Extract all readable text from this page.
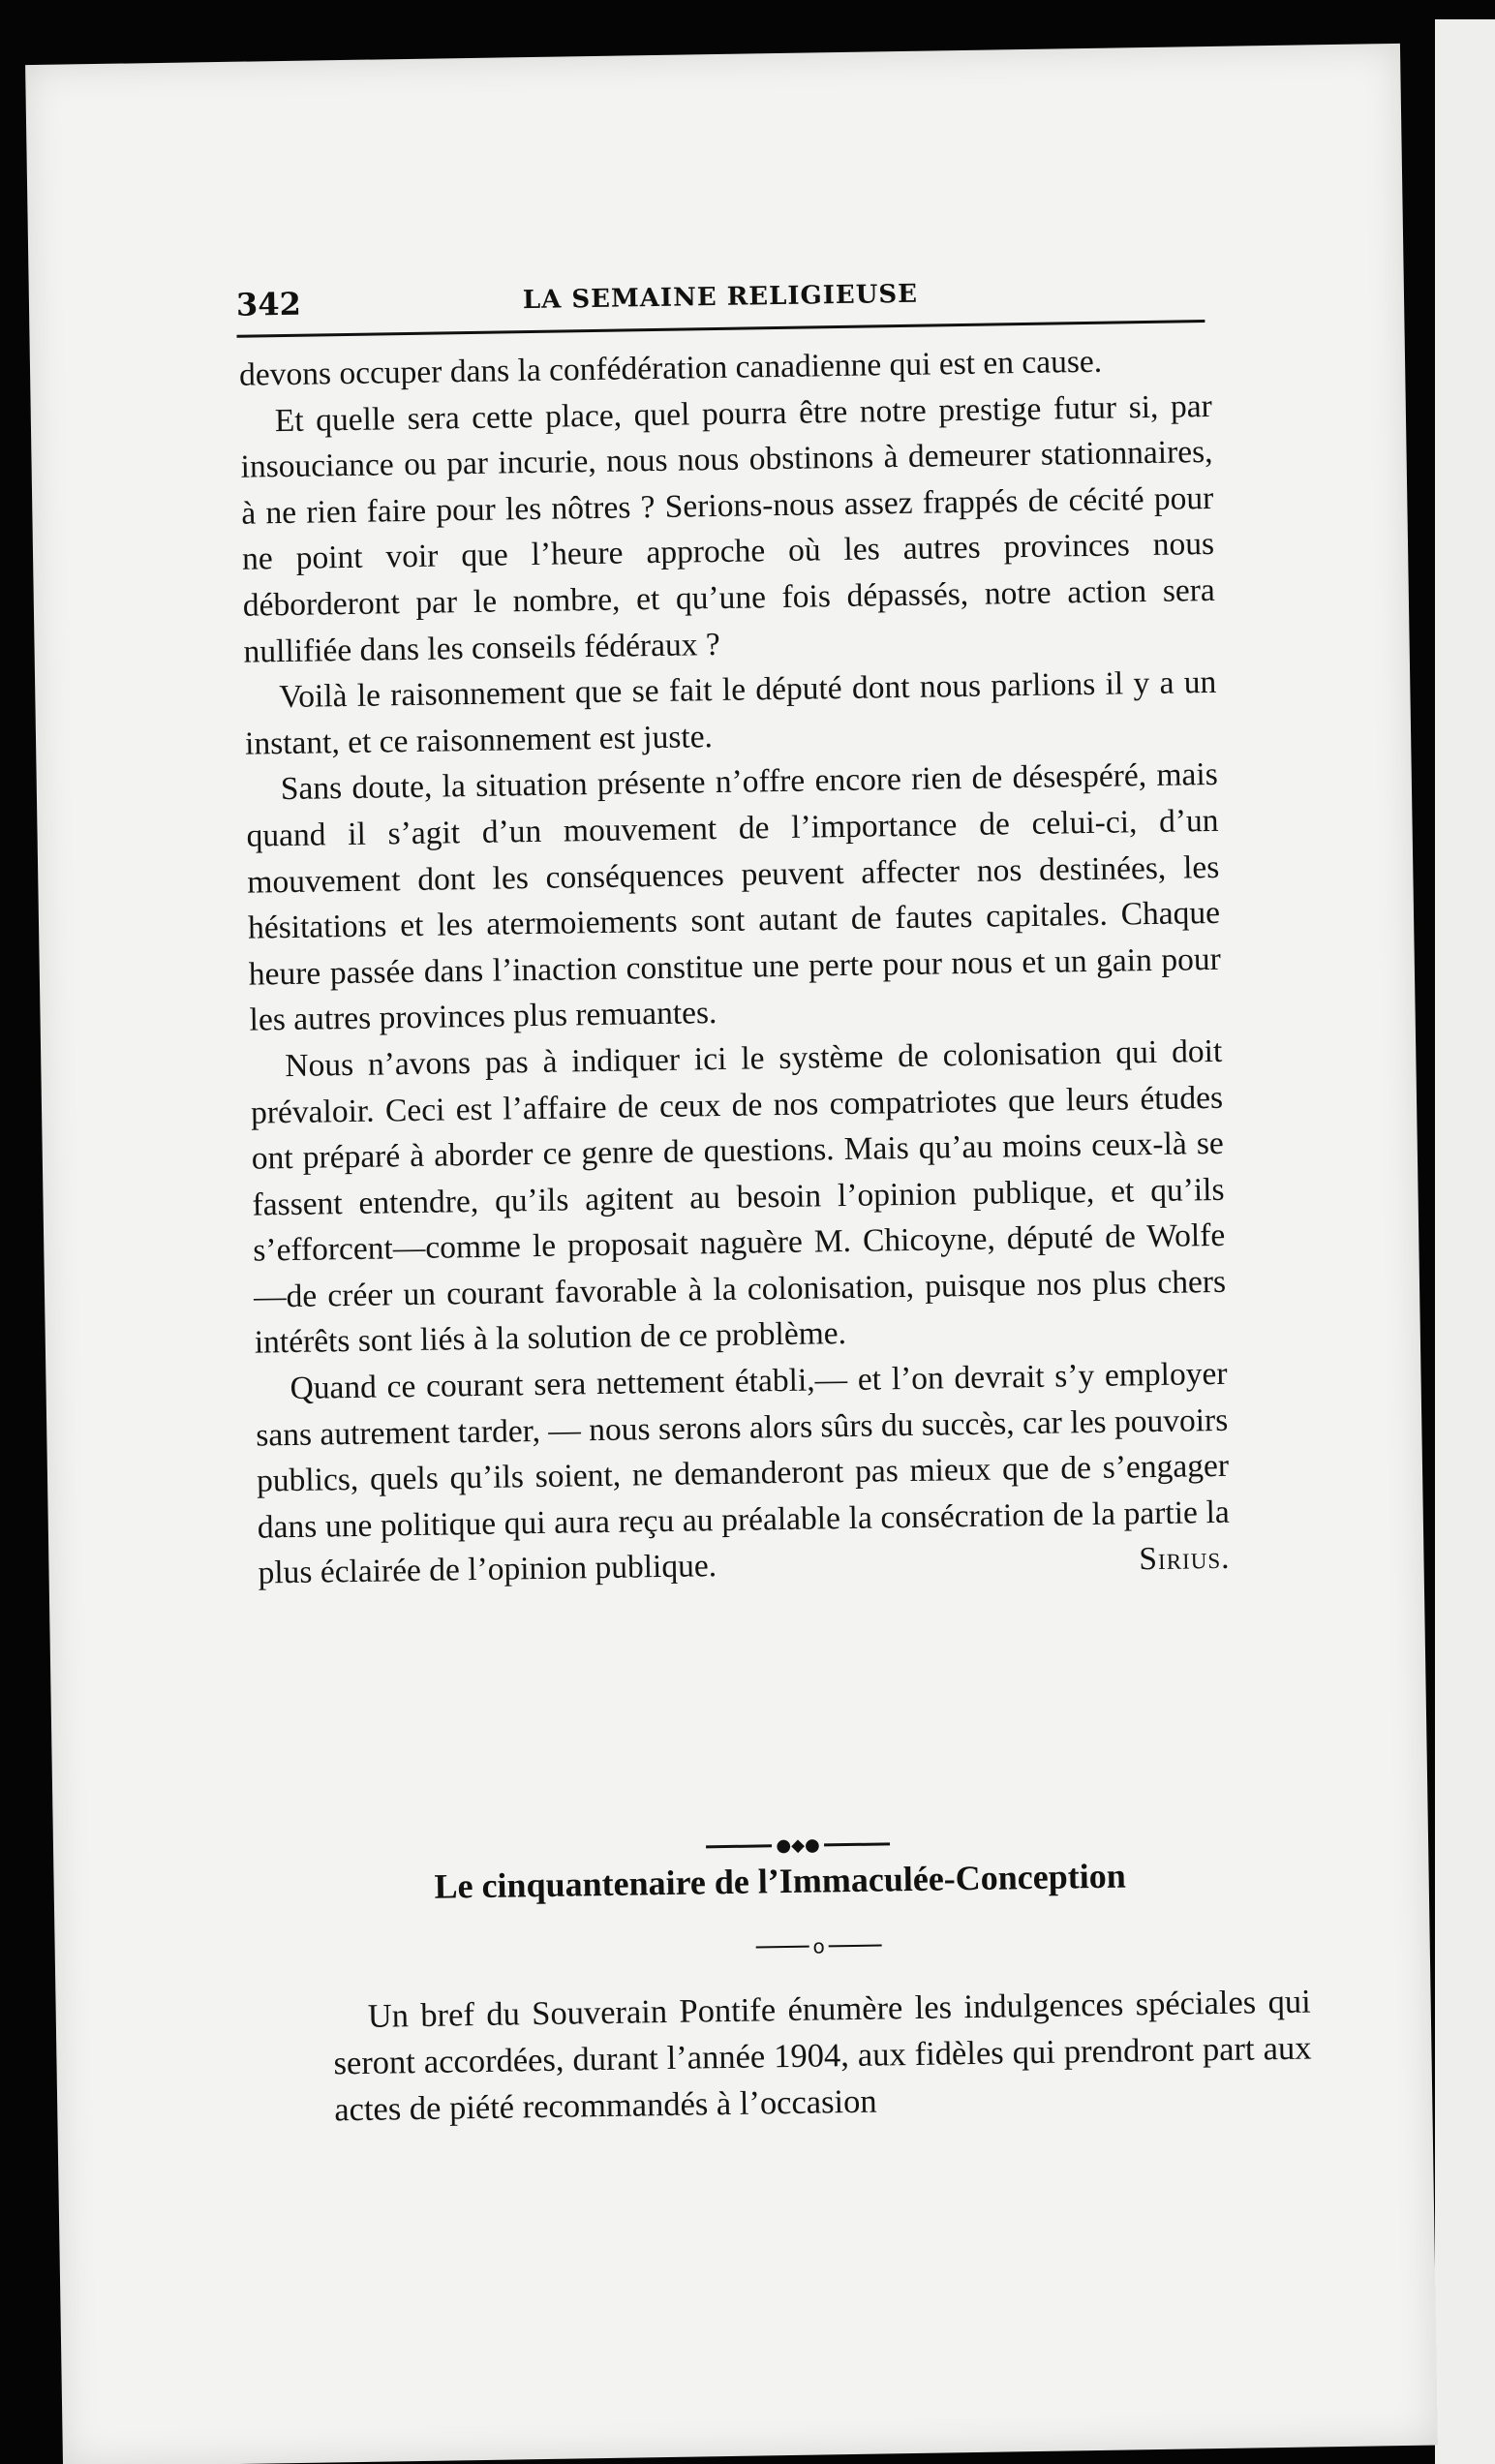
342	LA SEMAINE RELIGIEUSE

devons occuper dans la confédération canadienne qui est en cause.

Et quelle sera cette place, quel pourra être notre prestige futur si, par insouciance ou par incurie, nous nous obstinons à demeurer stationnaires, à ne rien faire pour les nôtres ? Serions-nous assez frappés de cécité pour ne point voir que l’heure approche où les autres provinces nous déborderont par le nombre, et qu’une fois dépassés, notre action sera nullifiée dans les conseils fédéraux ?

Voilà le raisonnement que se fait le député dont nous parlions il y a un instant, et ce raisonnement est juste.

Sans doute, la situation présente n’offre encore rien de désespéré, mais quand il s’agit d’un mouvement de l’importance de celui-ci, d’un mouvement dont les conséquences peuvent affecter nos destinées, les hésitations et les atermoiements sont autant de fautes capitales. Chaque heure passée dans l’inaction constitue une perte pour nous et un gain pour les autres provinces plus remuantes.

Nous n’avons pas à indiquer ici le système de colonisation qui doit prévaloir. Ceci est l’affaire de ceux de nos compatriotes que leurs études ont préparé à aborder ce genre de questions. Mais qu’au moins ceux-là se fassent entendre, qu’ils agitent au besoin l’opinion publique, et qu’ils s’efforcent—comme le proposait naguère M. Chicoyne, député de Wolfe—de créer un courant favorable à la colonisation, puisque nos plus chers intérêts sont liés à la solution de ce problème.

Quand ce courant sera nettement établi,— et l’on devrait s’y employer sans autrement tarder, — nous serons alors sûrs du succès, car les pouvoirs publics, quels qu’ils soient, ne demanderont pas mieux que de s’engager dans une politique qui aura reçu au préalable la consécration de la partie la plus éclairée de l’opinion publique.	Sirius.

●◆●
Le cinquantenaire de l’Immaculée-Conception
o

Un bref du Souverain Pontife énumère les indulgences spéciales qui seront accordées, durant l’année 1904, aux fidèles qui prendront part aux actes de piété recommandés à l’occasion
